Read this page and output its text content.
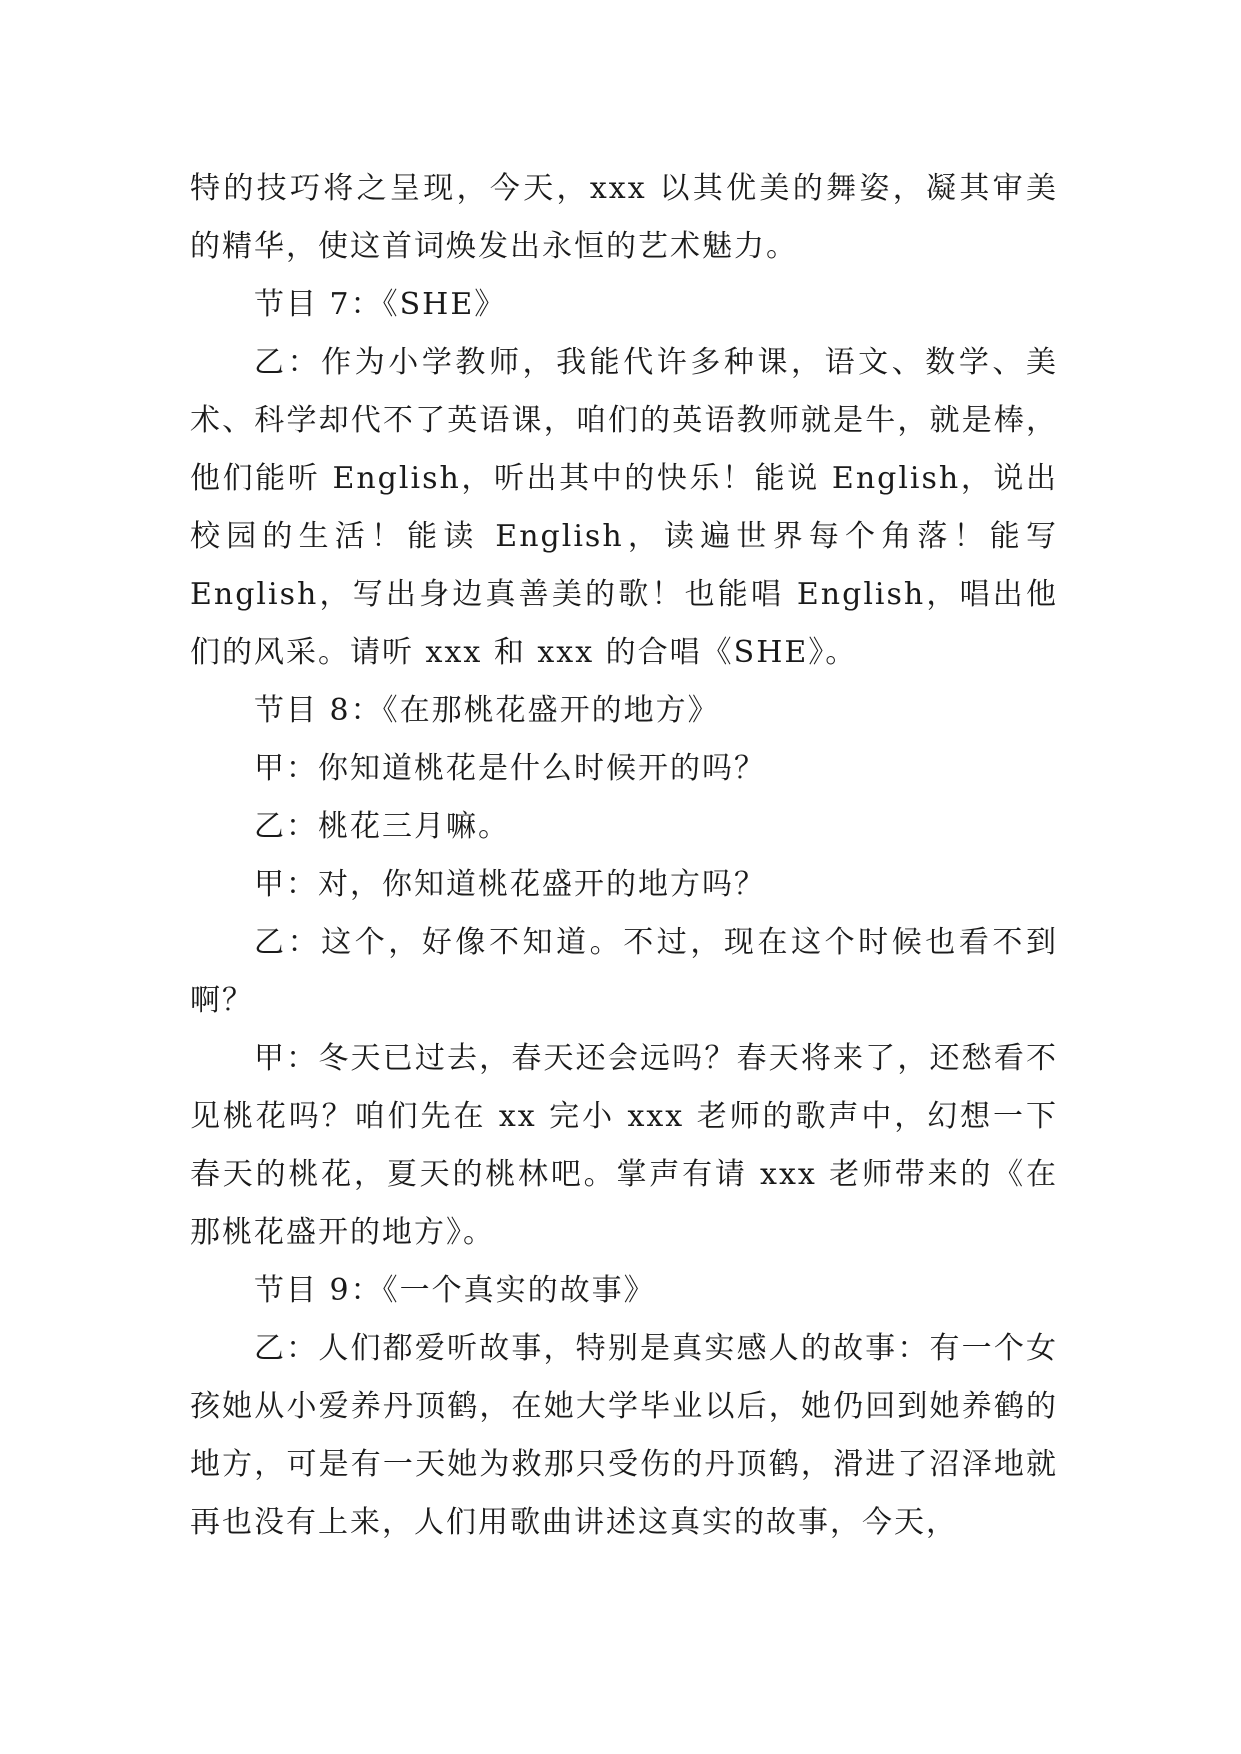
特的技巧将之呈现，今天，xxx 以其优美的舞姿，凝其审美的精华，使这首词焕发出永恒的艺术魅力。

节目 7：《SHE》

乙：作为小学教师，我能代许多种课，语文、数学、美术、科学却代不了英语课，咱们的英语教师就是牛，就是棒，他们能听 English，听出其中的快乐！能说 English，说出校园的生活！能读 English，读遍世界每个角落！能写 English，写出身边真善美的歌！也能唱 English，唱出他们的风采。请听 xxx 和 xxx 的合唱《SHE》。

节目 8：《在那桃花盛开的地方》

甲：你知道桃花是什么时候开的吗？

乙：桃花三月嘛。

甲：对，你知道桃花盛开的地方吗？

乙：这个，好像不知道。不过，现在这个时候也看不到啊？

甲：冬天已过去，春天还会远吗？春天将来了，还愁看不见桃花吗？咱们先在 xx 完小 xxx 老师的歌声中，幻想一下春天的桃花，夏天的桃林吧。掌声有请 xxx 老师带来的《在那桃花盛开的地方》。

节目 9：《一个真实的故事》

乙：人们都爱听故事，特别是真实感人的故事：有一个女孩她从小爱养丹顶鹤，在她大学毕业以后，她仍回到她养鹤的地方，可是有一天她为救那只受伤的丹顶鹤，滑进了沼泽地就再也没有上来，人们用歌曲讲述这真实的故事，今天，
